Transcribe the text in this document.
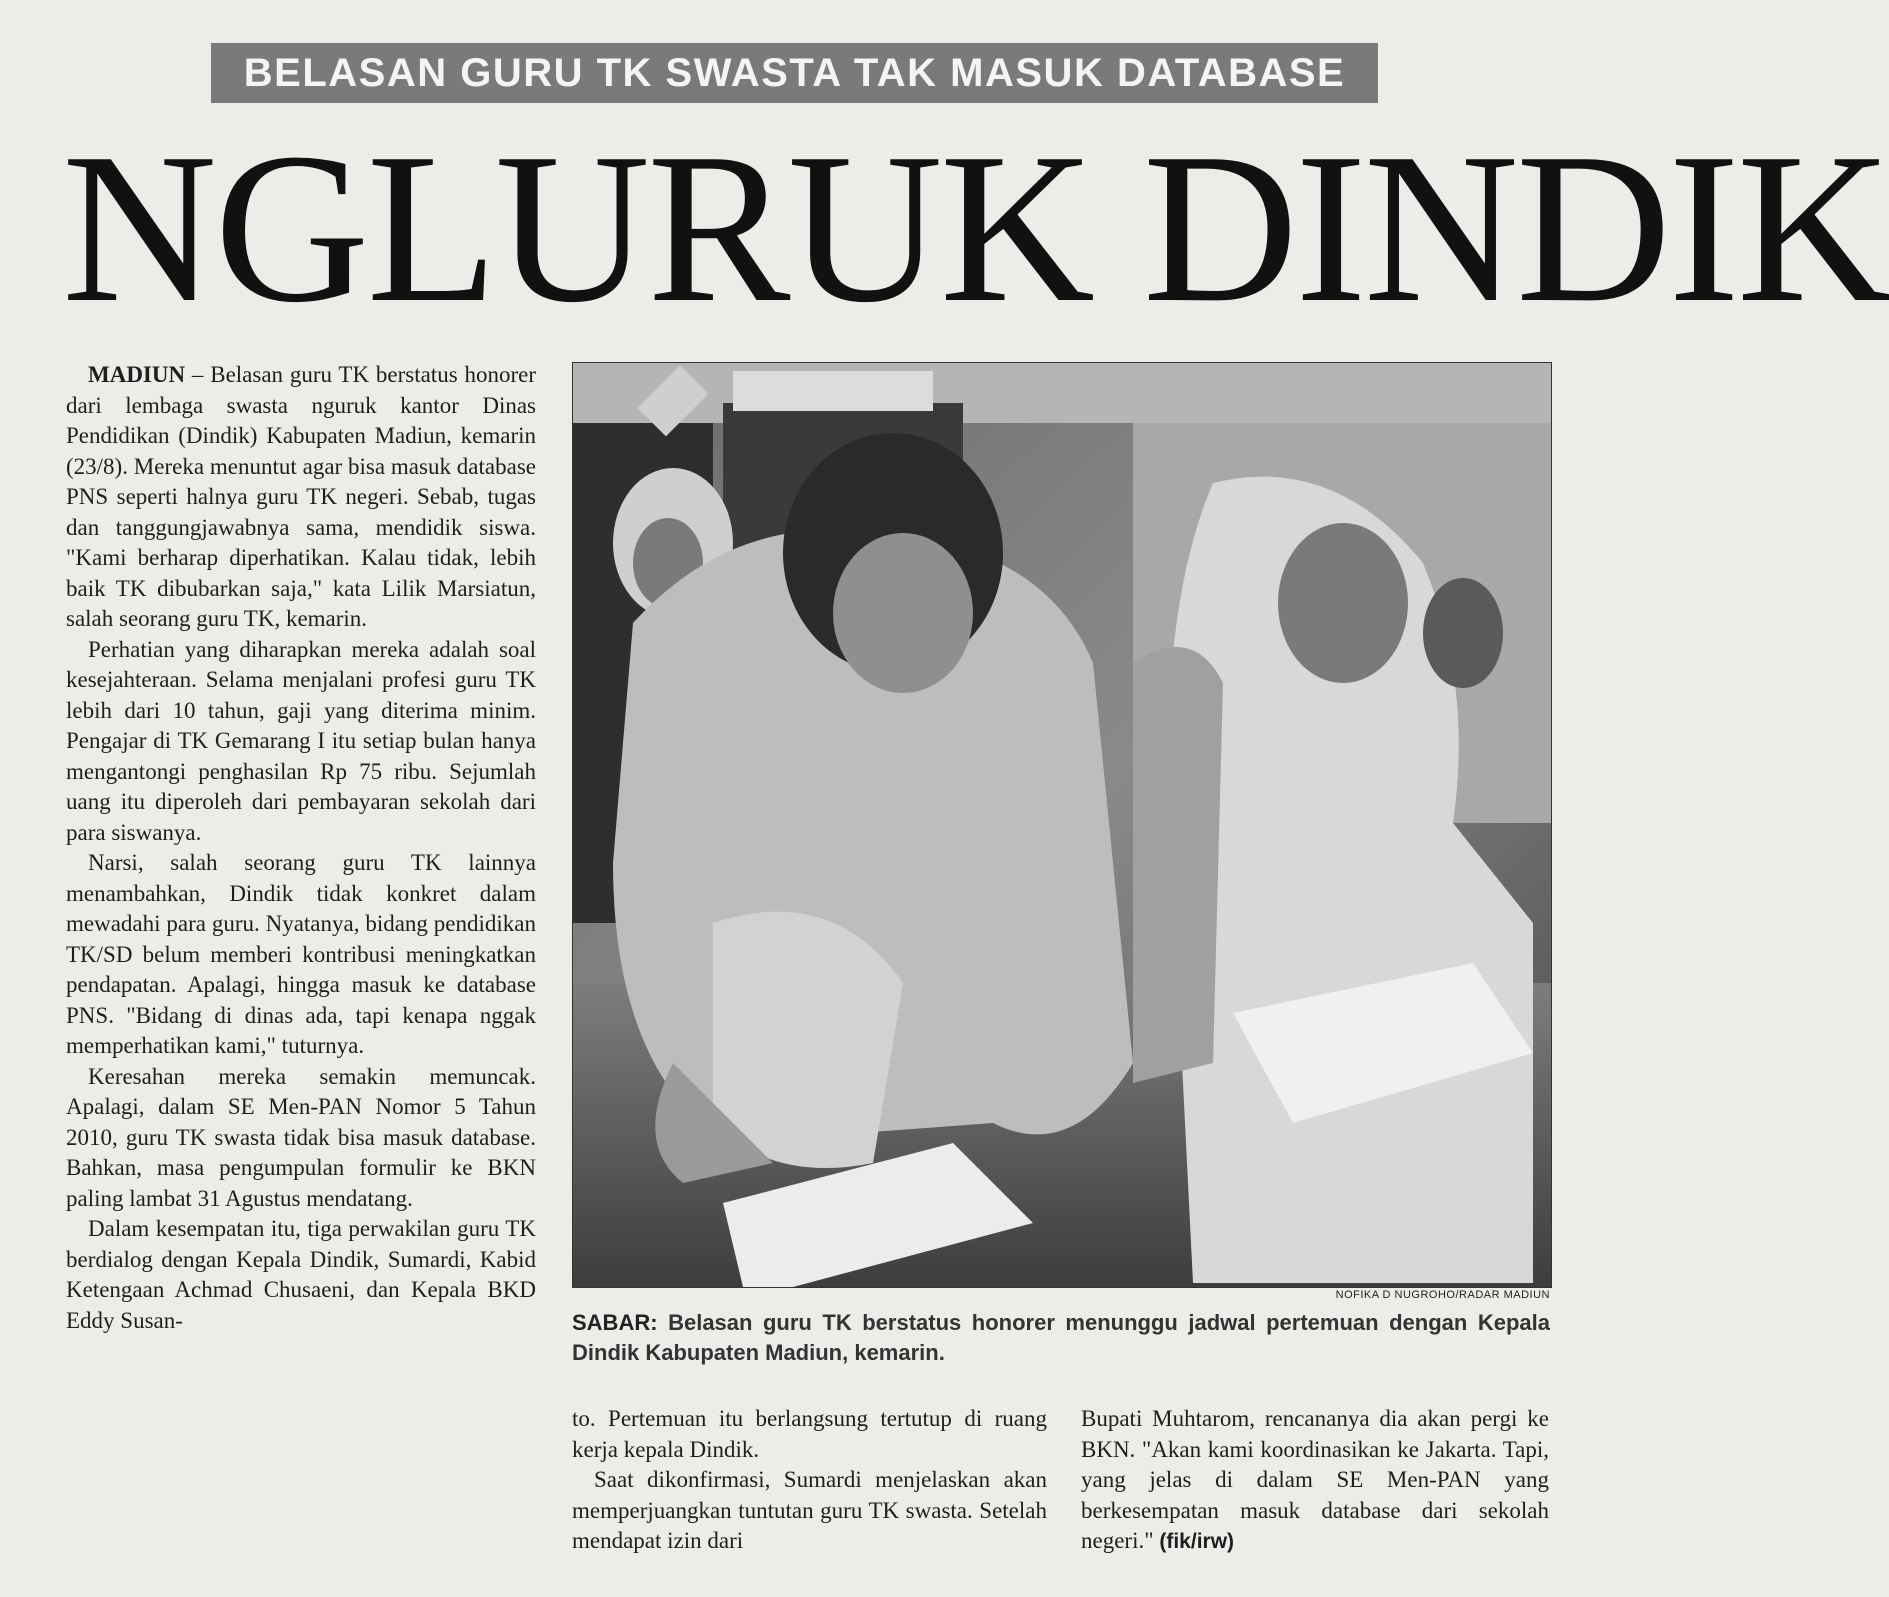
BELASAN GURU TK SWASTA TAK MASUK DATABASE
NGLURUK DINDIK

MADIUN – Belasan guru TK berstatus honorer dari lembaga swasta nguruk kantor Dinas Pendidikan (Dindik) Kabupaten Madiun, kemarin (23/8). Mereka menuntut agar bisa masuk database PNS seperti halnya guru TK negeri. Sebab, tugas dan tanggungjawabnya sama, mendidik siswa. "Kami berharap diperhatikan. Kalau tidak, lebih baik TK dibubarkan saja," kata Lilik Marsiatun, salah seorang guru TK, kemarin.

Perhatian yang diharapkan mereka adalah soal kesejahteraan. Selama menjalani profesi guru TK lebih dari 10 tahun, gaji yang diterima minim. Pengajar di TK Gemarang I itu setiap bulan hanya mengantongi penghasilan Rp 75 ribu. Sejumlah uang itu diperoleh dari pembayaran sekolah dari para siswanya.

Narsi, salah seorang guru TK lainnya menambahkan, Dindik tidak konkret dalam mewadahi para guru. Nyatanya, bidang pendidikan TK/SD belum memberi kontribusi meningkatkan pendapatan. Apalagi, hingga masuk ke database PNS. "Bidang di dinas ada, tapi kenapa nggak memperhatikan kami," tuturnya.

Keresahan mereka semakin memuncak. Apalagi, dalam SE Men-PAN Nomor 5 Tahun 2010, guru TK swasta tidak bisa masuk database. Bahkan, masa pengumpulan formulir ke BKN paling lambat 31 Agustus mendatang.

Dalam kesempatan itu, tiga perwakilan guru TK berdialog dengan Kepala Dindik, Sumardi, Kabid Ketengaan Achmad Chusaeni, dan Kepala BKD Eddy Susan-

NOFIKA D NUGROHO/RADAR MADIUN
SABAR: Belasan guru TK berstatus honorer menunggu jadwal pertemuan dengan Kepala Dindik Kabupaten Madiun, kemarin.

to. Pertemuan itu berlangsung tertutup di ruang kerja kepala Dindik.

Saat dikonfirmasi, Sumardi menjelaskan akan memperjuangkan tuntutan guru TK swasta. Setelah mendapat izin dari

Bupati Muhtarom, rencananya dia akan pergi ke BKN. "Akan kami koordinasikan ke Jakarta. Tapi, yang jelas di dalam SE Men-PAN yang berkesempatan masuk database dari sekolah negeri." (fik/irw)
